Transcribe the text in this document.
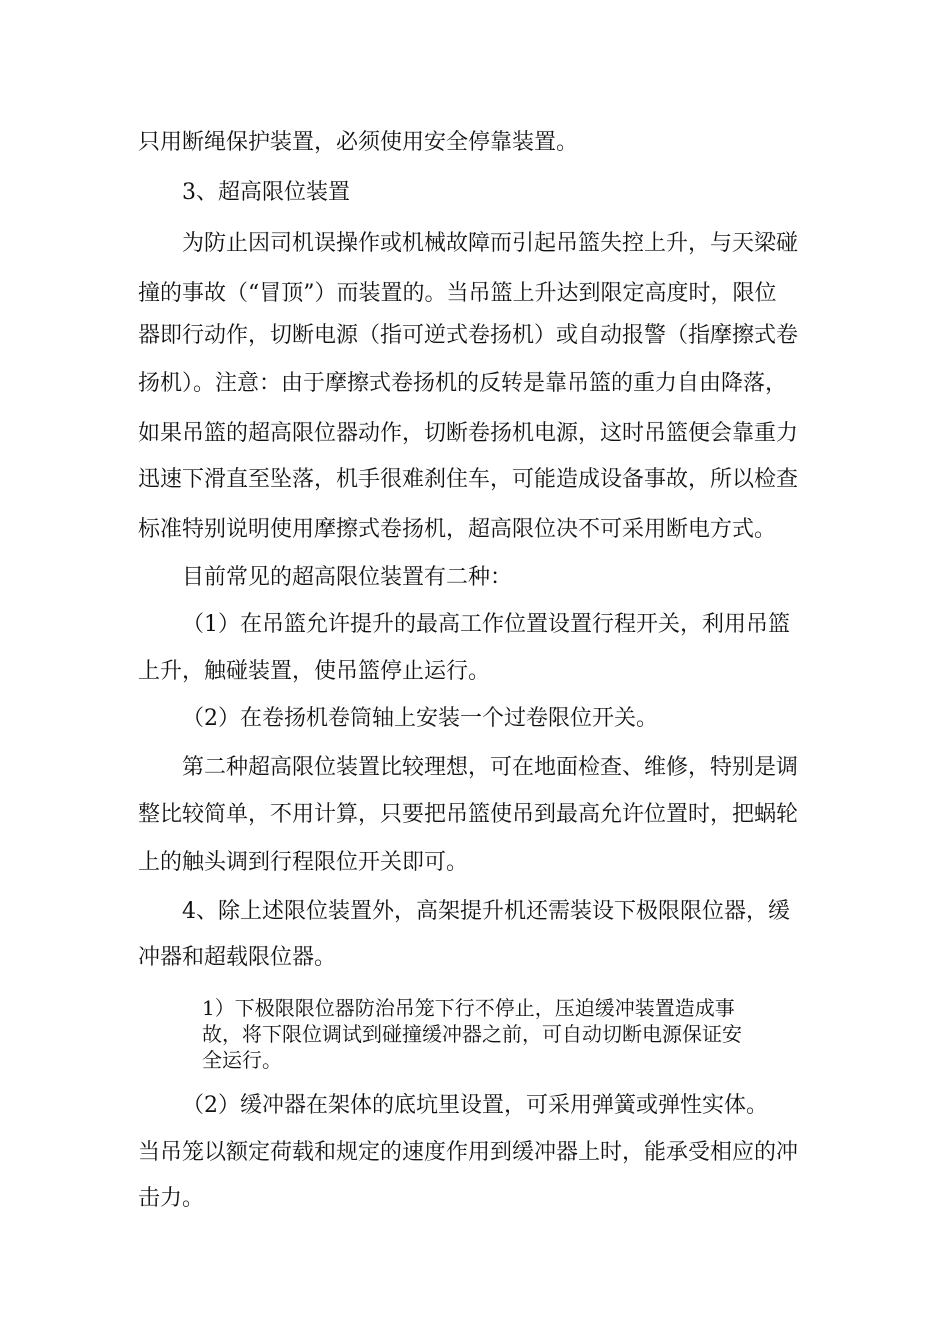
只用断绳保护装置，必须使用安全停靠装置。
3、超高限位装置
为防止因司机误操作或机械故障而引起吊篮失控上升，与天梁碰
撞的事故（“冒顶”）而装置的。当吊篮上升达到限定高度时，限位
器即行动作，切断电源（指可逆式卷扬机）或自动报警（指摩擦式卷
扬机）。注意：由于摩擦式卷扬机的反转是靠吊篮的重力自由降落，
如果吊篮的超高限位器动作，切断卷扬机电源，这时吊篮便会靠重力
迅速下滑直至坠落，机手很难刹住车，可能造成设备事故，所以检查
标准特别说明使用摩擦式卷扬机，超高限位决不可采用断电方式。
目前常见的超高限位装置有二种：
（1）在吊篮允许提升的最高工作位置设置行程开关，利用吊篮
上升，触碰装置，使吊篮停止运行。
（2）在卷扬机卷筒轴上安装一个过卷限位开关。
第二种超高限位装置比较理想，可在地面检查、维修，特别是调
整比较简单，不用计算，只要把吊篮使吊到最高允许位置时，把蜗轮
上的触头调到行程限位开关即可。
4、除上述限位装置外，高架提升机还需装设下极限限位器，缓
冲器和超载限位器。
1）下极限限位器防治吊笼下行不停止，压迫缓冲装置造成事
故，将下限位调试到碰撞缓冲器之前，可自动切断电源保证安
全运行。
（2）缓冲器在架体的底坑里设置，可采用弹簧或弹性实体。
当吊笼以额定荷载和规定的速度作用到缓冲器上时，能承受相应的冲
击力。
